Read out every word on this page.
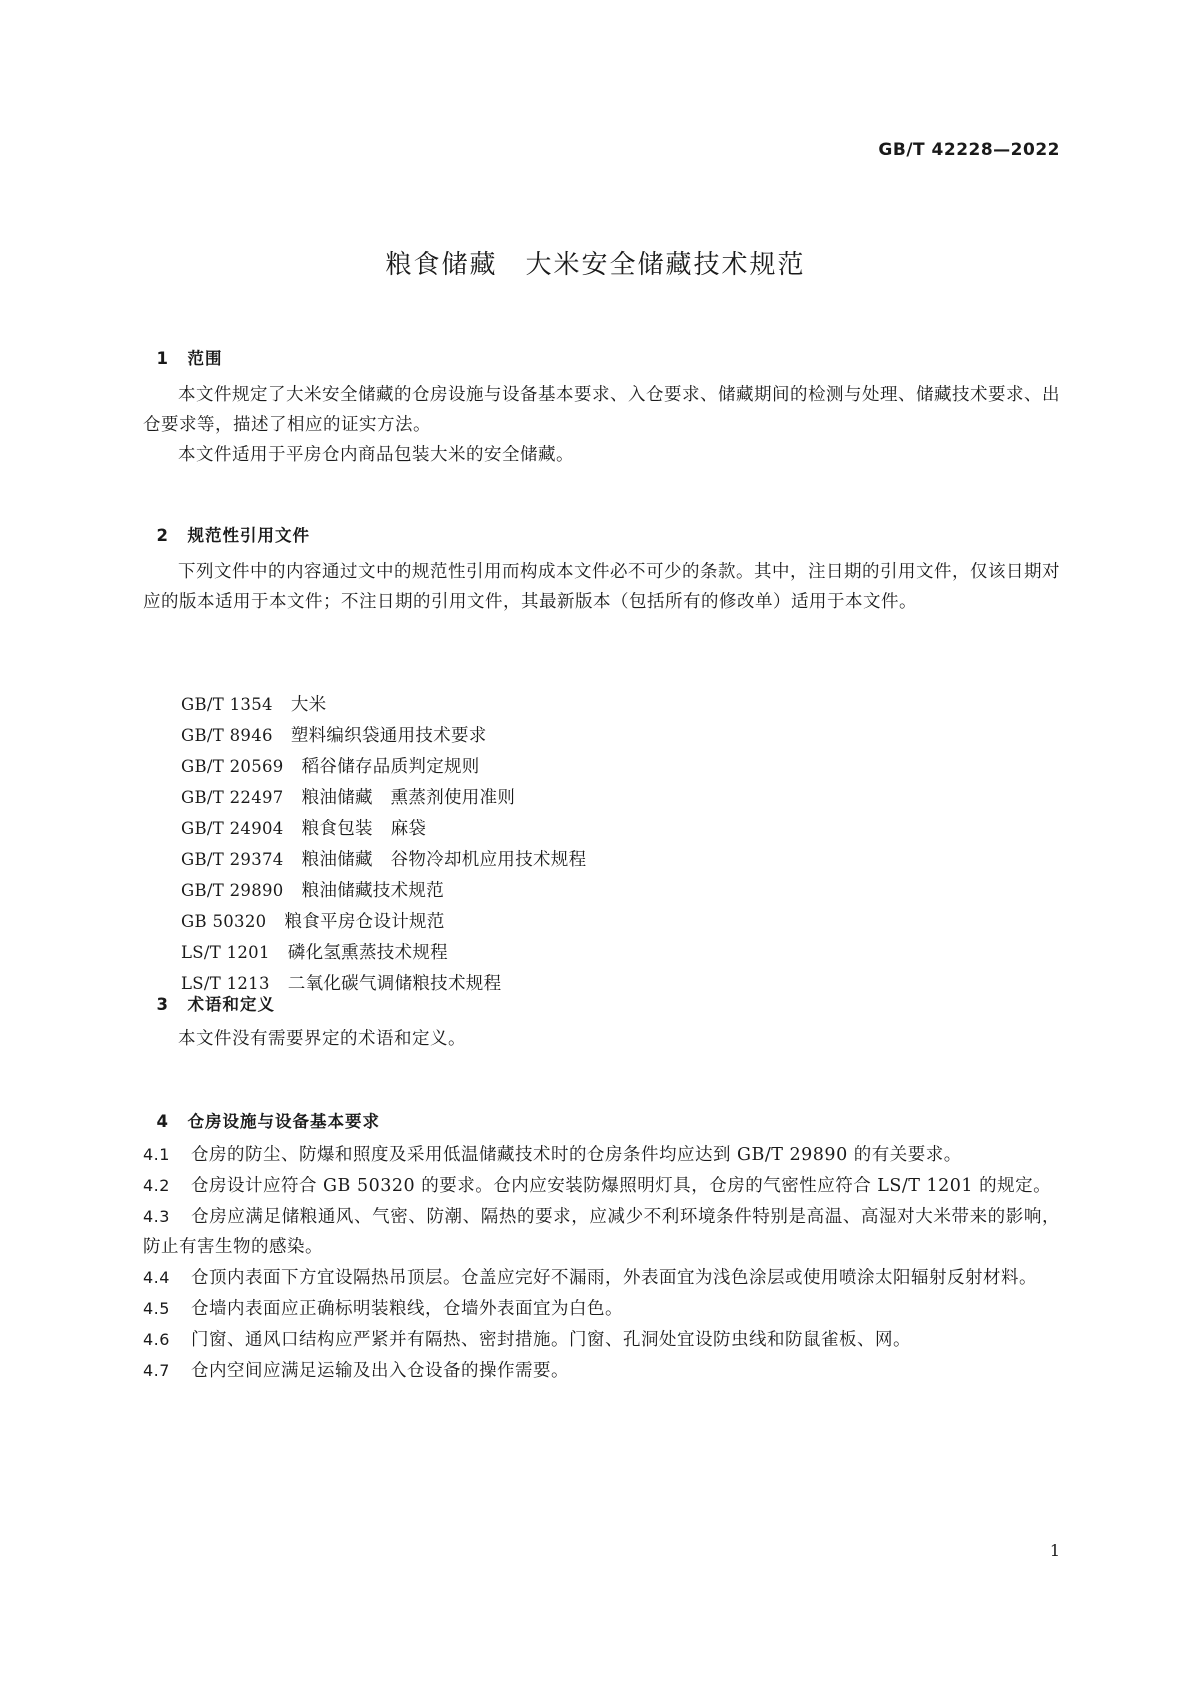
GB/T 42228—2022
粮食储藏　大米安全储藏技术规范

1 范围

本文件规定了大米安全储藏的仓房设施与设备基本要求、入仓要求、储藏期间的检测与处理、储藏技术要求、出仓要求等，描述了相应的证实方法。
本文件适用于平房仓内商品包装大米的安全储藏。

2 规范性引用文件

下列文件中的内容通过文中的规范性引用而构成本文件必不可少的条款。其中，注日期的引用文件，仅该日期对应的版本适用于本文件；不注日期的引用文件，其最新版本（包括所有的修改单）适用于本文件。
GB/T 1354 大米
GB/T 8946 塑料编织袋通用技术要求
GB/T 20569 稻谷储存品质判定规则
GB/T 22497 粮油储藏　熏蒸剂使用准则
GB/T 24904 粮食包装　麻袋
GB/T 29374 粮油储藏　谷物冷却机应用技术规程
GB/T 29890 粮油储藏技术规范
GB 50320 粮食平房仓设计规范
LS/T 1201 磷化氢熏蒸技术规程
LS/T 1213 二氧化碳气调储粮技术规程

3 术语和定义

本文件没有需要界定的术语和定义。

4 仓房设施与设备基本要求

4.1 仓房的防尘、防爆和照度及采用低温储藏技术时的仓房条件均应达到 GB/T 29890 的有关要求。
4.2 仓房设计应符合 GB 50320 的要求。仓内应安装防爆照明灯具，仓房的气密性应符合 LS/T 1201 的规定。
4.3 仓房应满足储粮通风、气密、防潮、隔热的要求，应减少不利环境条件特别是高温、高湿对大米带来的影响，防止有害生物的感染。
4.4 仓顶内表面下方宜设隔热吊顶层。仓盖应完好不漏雨，外表面宜为浅色涂层或使用喷涂太阳辐射反射材料。
4.5 仓墙内表面应正确标明装粮线，仓墙外表面宜为白色。
4.6 门窗、通风口结构应严紧并有隔热、密封措施。门窗、孔洞处宜设防虫线和防鼠雀板、网。
4.7 仓内空间应满足运输及出入仓设备的操作需要。
1
